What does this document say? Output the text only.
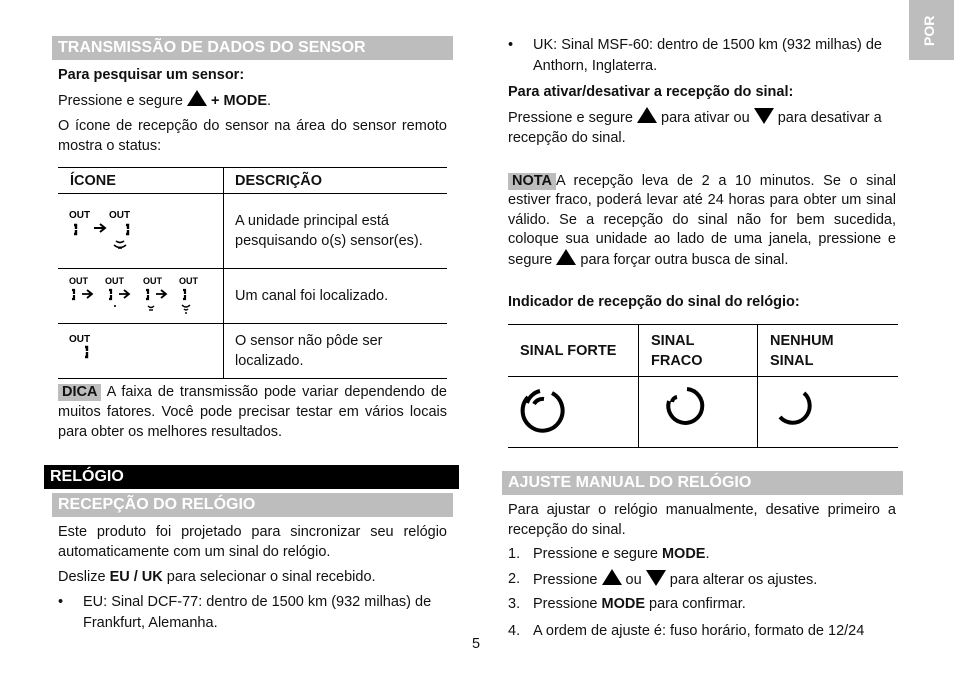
POR
TRANSMISSÃO DE DADOS DO SENSOR
Para pesquisar um sensor:
Pressione e segure + MODE.
O ícone de recepção do sensor na área do sensor remoto mostra o status:
ÍCONE	DESCRIÇÃO

OUT OUT	A unidade principal está pesquisando o(s) sensor(es).

OUT OUT OUT OUT	Um canal foi localizado.

OUT	O sensor não pôde ser localizado.
DICA A faixa de transmissão pode variar dependendo de muitos fatores. Você pode precisar testar em vários locais para obter os melhores resultados.
RELÓGIO
RECEPÇÃO DO RELÓGIO
Este produto foi projetado para sincronizar seu relógio automaticamente com um sinal do relógio.
Deslize EU / UK para selecionar o sinal recebido.
• EU: Sinal DCF-77: dentro de 1500 km (932 milhas) de Frankfurt, Alemanha.
5
• UK: Sinal MSF-60: dentro de 1500 km (932 milhas) de Anthorn, Inglaterra.
Para ativar/desativar a recepção do sinal:
Pressione e segure para ativar ou para desativar a recepção do sinal.
NOTA A recepção leva de 2 a 10 minutos. Se o sinal estiver fraco, poderá levar até 24 horas para obter um sinal válido. Se a recepção do sinal não for bem sucedida, coloque sua unidade ao lado de uma janela, pressione e segure para forçar outra busca de sinal.
Indicador de recepção do sinal do relógio:
SINAL FORTE	SINAL FRACO	NENHUM SINAL

AJUSTE MANUAL DO RELÓGIO
Para ajustar o relógio manualmente, desative primeiro a recepção do sinal.
1. Pressione e segure MODE.
2. Pressione ou para alterar os ajustes.
3. Pressione MODE para confirmar.
4. A ordem de ajuste é: fuso horário, formato de 12/24
